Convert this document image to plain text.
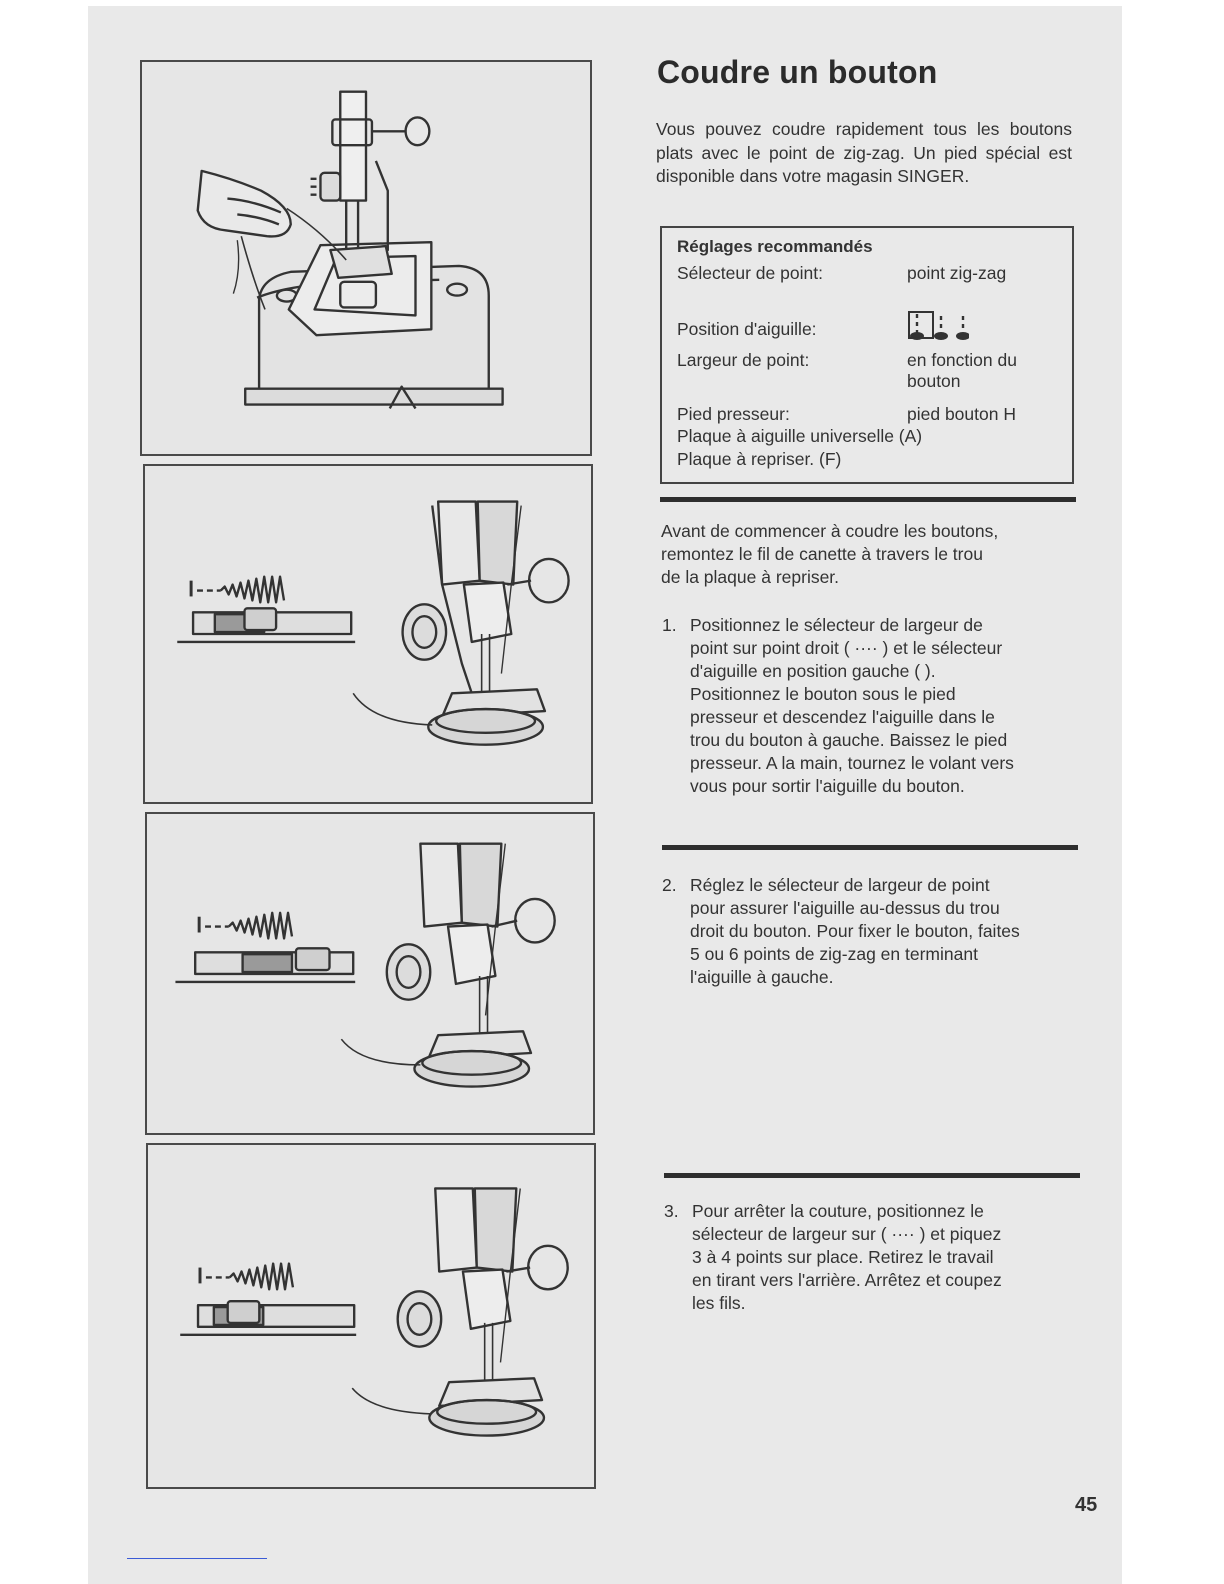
Coudre un bouton

Vous pouvez coudre rapidement tous les boutons plats avec le point de zig-zag. Un pied spécial est disponible dans votre magasin SINGER.

Réglages recommandés
Sélecteur de point:	point zig-zag
Position d'aiguille:
Largeur de point:	en fonction du
bouton
Pied presseur:	pied bouton H
Plaque à aiguille universelle (A)
Plaque à repriser. (F)
Avant de commencer à coudre les boutons,
remontez le fil de canette à travers le trou
de la plaque à repriser.
1. Positionnez le sélecteur de largeur de
point sur point droit ( ···· ) et le sélecteur
d'aiguille en position gauche ( ).
Positionnez le bouton sous le pied
presseur et descendez l'aiguille dans le
trou du bouton à gauche. Baissez le pied
presseur. A la main, tournez le volant vers
vous pour sortir l'aiguille du bouton.
2. Réglez le sélecteur de largeur de point
pour assurer l'aiguille au-dessus du trou
droit du bouton. Pour fixer le bouton, faites
5 ou 6 points de zig-zag en terminant
l'aiguille à gauche.
3. Pour arrêter la couture, positionnez le
sélecteur de largeur sur ( ···· ) et piquez
3 à 4 points sur place. Retirez le travail
en tirant vers l'arrière. Arrêtez et coupez
les fils.
45
